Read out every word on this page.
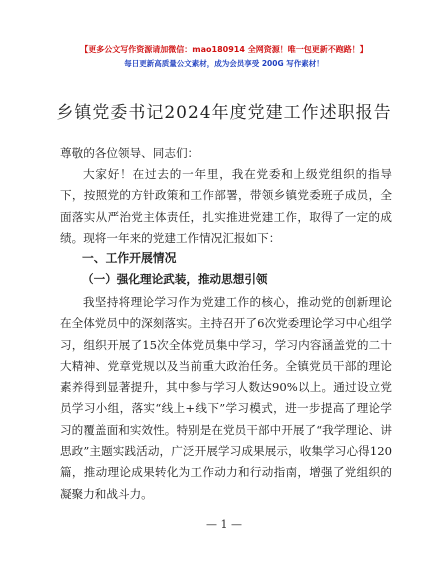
【更多公文写作资源请加微信：mao180914 全网资源！唯一包更新不跑路！】
每日更新高质量公文素材，成为会员享受 200G 写作素材！
乡镇党委书记2024年度党建工作述职报告

尊敬的各位领导、同志们：

大家好！在过去的一年里，我在党委和上级党组织的指导下，按照党的方针政策和工作部署，带领乡镇党委班子成员，全面落实从严治党主体责任，扎实推进党建工作，取得了一定的成绩。现将一年来的党建工作情况汇报如下：

一、工作开展情况
（一）强化理论武装，推动思想引领

我坚持将理论学习作为党建工作的核心，推动党的创新理论在全体党员中的深刻落实。主持召开了6次党委理论学习中心组学习，组织开展了15次全体党员集中学习，学习内容涵盖党的二十大精神、党章党规以及当前重大政治任务。全镇党员干部的理论素养得到显著提升，其中参与学习人数达90%以上。通过设立党员学习小组，落实“线上+线下”学习模式，进一步提高了理论学习的覆盖面和实效性。特别是在党员干部中开展了“我学理论、讲思政”主题实践活动，广泛开展学习成果展示，收集学习心得120篇，推动理论成果转化为工作动力和行动指南，增强了党组织的凝聚力和战斗力。

— 1 —
